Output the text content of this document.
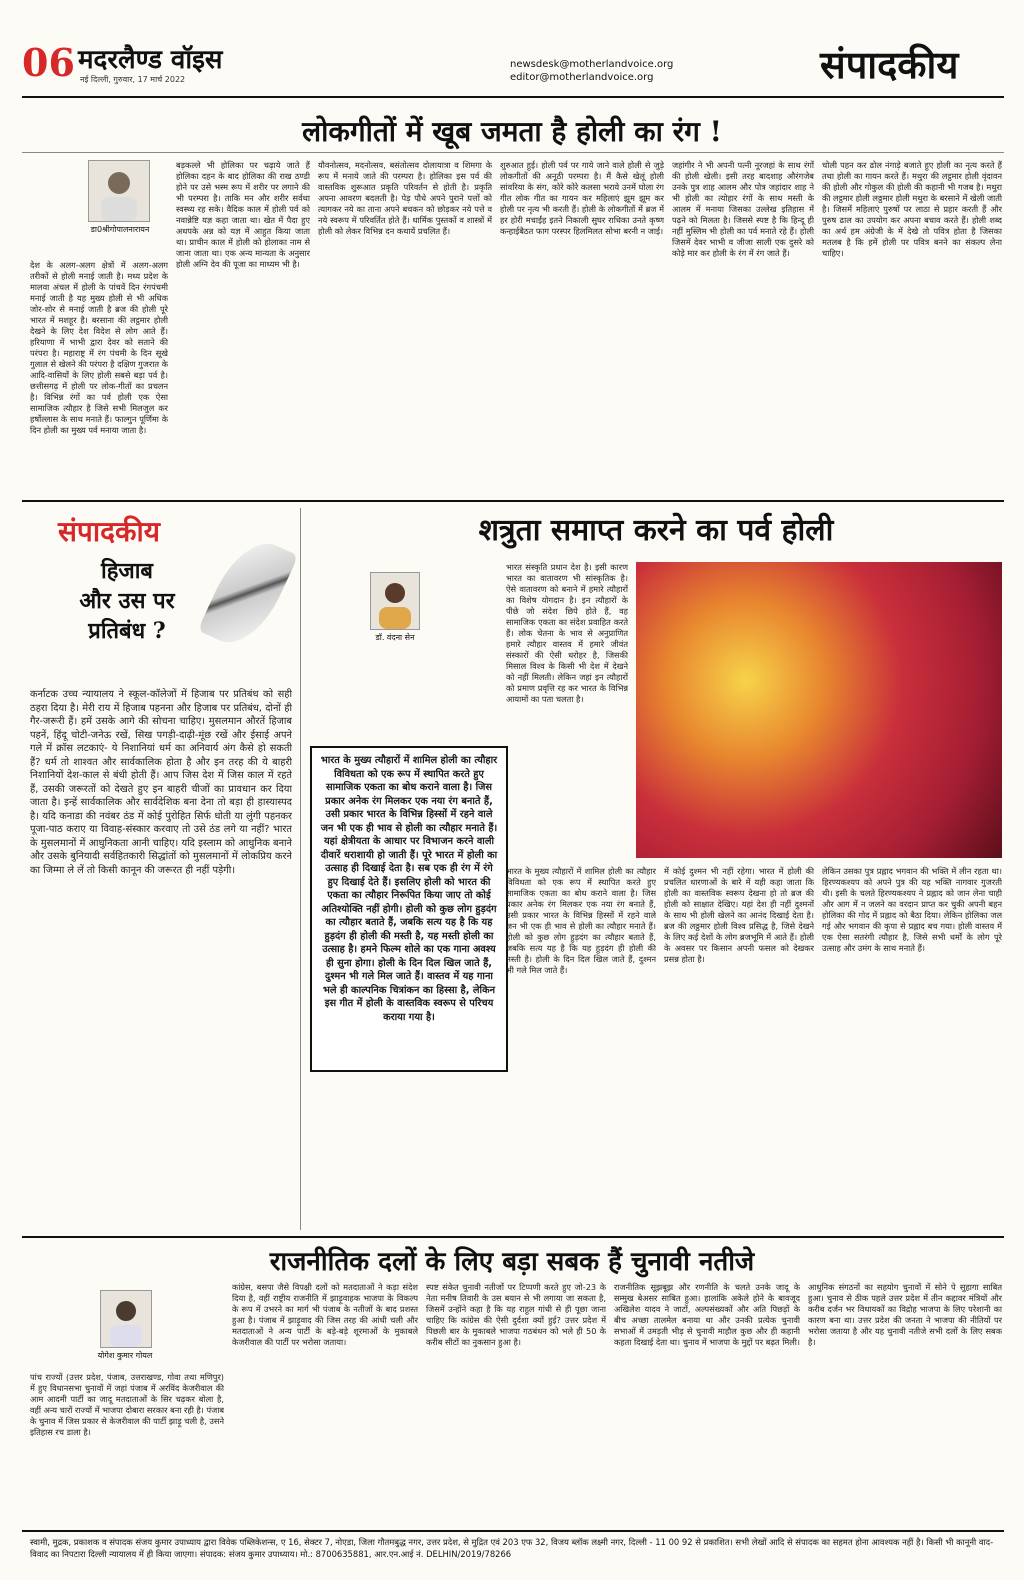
06 मदरलैण्ड वॉइस
नई दिल्ली, गुरुवार, 17 मार्च 2022
newsdesk@motherlandvoice.org
editor@motherlandvoice.org	संपादकीय
लोकगीतों में खूब जमता है होली का रंग !
डा0श्रीगोपालनारायन
देश के अलग-अलग क्षेत्रों में अलग-अलग तरीकों से होली मनाई जाती है। मध्य प्रदेश के मालवा अंचल में होली के पांचवें दिन रंगपंचमी मनाई जाती है यह मुख्य होली से भी अधिक जोर-शोर से मनाई जाती है ब्रज की होली पूरे भारत में मशहूर है। बरसाना की लट्ठमार होली देखने के लिए देश विदेश से लोग आते हैं। हरियाणा में भाभी द्वारा देवर को सताने की परंपरा है। महाराष्ट्र में रंग पंचमी के दिन सूखे गुलाल से खेलने की परंपरा है दक्षिण गुजरात के आदि-वासियों के लिए होली सबसे बड़ा पर्व है। छत्तीसगढ़ में होली पर लोक-गीतों का प्रचलन है। विभिन्न रंगों का पर्व होली एक ऐसा सामाजिक त्यौहार है जिसे सभी मिलजुल कर हर्षोल्लास के साथ मनाते हैं। फाल्गुन पूर्णिमा के दिन होली का मुख्य पर्व मनाया जाता है।
बड़कल्ले भी होलिका पर चढ़ाये जाते हैं होलिका दहन के बाद होलिका की राख ठण्डी होने पर उसे भस्म रूप में शरीर पर लगाने की भी परम्परा है। ताकि मन और शरीर सर्वथा स्वस्थ्य रह सके। वैदिक काल में होली पर्व को नवान्नेष्टि यज्ञ कहा जाता था। खेत में पैदा हुए अधपके अन्न को यज्ञ में आहुत किया जाता था। प्राचीन काल में होली को होलाका नाम से जाना जाता था। एक अन्य मान्यता के अनुसार होली अग्नि देव की पूजा का माध्यम भी है।
यौवनोत्सव, मदनोत्सव, बसंतोत्सव दोलायात्रा व शिमगा के रूप में मनाये जाते की परम्परा है। होलिका इस पर्व की वास्तविक शुरूआत प्रकृति परिवर्तन से होती है। प्रकृति अपना आवरण बदलती है। पेड़ पौधे अपने पुराने पत्तों को त्यागकर नये का ताना अपने बचकन को छोड़कर नये पत्ते व नये स्वरूप में परिवर्तित होते हैं। धार्मिक पुस्तकों व शास्त्रों में होली को लेकर विभिन्न दन कथायें प्रचलित हैं।
शुरुआत हुई। होली पर्व पर गाये जाने वाले होली से जुड़े लोकगीतों की अनूठी परम्परा है। मैं कैसे खेलूं होली सांवरिया के संग, कोरे कोरे कलसा भराये उनमें घोला रंग गीत लोक गीत का गायन कर महिलाएं झूम झूम कर होली पर नृत्य भी करती हैं। होली के लोकगीतों में ब्रज में हर होरी मचाईंह इतने निकाली सुघर राधिका उनते कृष्ण कन्हाईबैठत फाग परस्पर हिलमिलत सोभा बरनी न जाई।
जहांगीर ने भी अपनी पत्नी नूरजहां के साथ रंगों की होली खेली। इसी तरह बादशाह औरंगजेब उनके पुत्र शाह आलम और पोत्र जहांदार शाह ने भी होली का त्योहार रंगों के साथ मस्ती के आलम में मनाया जिसका उल्लेख इतिहास में पढ़ने को मिलता है। जिससे स्पष्ट है कि हिन्दू ही नहीं मुस्लिम भी होली का पर्व मनाते रहे हैं। होली जिसमें देवर भाभी व जीजा साली एक दुसरे को कोड़े मार कर होली के रंग में रंग जाते हैं।
चोली पहन कर ढोल नंगाड़े बजाते हुए होली का नृत्य करते हैं तथा होली का गायन करते हैं। मथुरा की लट्ठमार होली वृंदावन की होली और गोकुल की होली की कहानी भी गजब है। मथुरा की लट्ठमार होली लठ्ठमार होली मथुरा के बरसाने में खेली जाती है। जिसमें महिलाएं पुरुषों पर लाठा से प्रहार करती हैं और पुरुष ढाल का उपयोग कर अपना बचाव करते हैं। होली शब्द का अर्थ हम अंग्रेजी के में देखे तो पवित्र होता है जिसका मतलब है कि हमें होली पर पवित्र बनने का संकल्प लेना चाहिए।
संपादकीय
हिजाब
और उस पर
प्रतिबंध ?
कर्नाटक उच्च न्यायालय ने स्कूल-कॉलेजों में हिजाब पर प्रतिबंध को सही ठहरा दिया है। मेरी राय में हिजाब पहनना और हिजाब पर प्रतिबंध, दोनों ही गैर-जरूरी हैं। हमें उसके आगे की सोचना चाहिए। मुसलमान औरतें हिजाब पहनें, हिंदू चोटी-जनेऊ रखें, सिख पगड़ी-दाढ़ी-मूंछ रखें और ईसाई अपने गले में क्रॉस लटकाएं- ये निशानियां धर्म का अनिवार्य अंग कैसे हो सकती हैं? धर्म तो शाश्वत और सार्वकालिक होता है और इन तरह की ये बाहरी निशानियों देश-काल से बंधी होती हैं। आप जिस देश में जिस काल में रहते हैं, उसकी जरूरतों को देखते हुए इन बाहरी चीजों का प्रावधान कर दिया जाता है। इन्हें सार्वकालिक और सार्वदेशिक बना देना तो बड़ा ही हास्यास्पद है। यदि कनाडा की नवंबर ठंड में कोई पुरोहित सिर्फ धोती या लुंगी पहनकर पूजा-पाठ कराए या विवाह-संस्कार करवाए तो उसे ठंड लगे या नहीं? भारत के मुसलमानों में आधुनिकता आनी चाहिए। यदि इस्लाम को आधुनिक बनाने और उसके बुनियादी सर्वहितकारी सिद्धांतों को मुसलमानों में लोकप्रिय करने का जिम्मा ले लें तो किसी कानून की जरूरत ही नहीं पड़ेगी।
शत्रुता समाप्त करने का पर्व होली
डॉ. वंदना सेन
भारत के मुख्य त्यौहारों में शामिल होली का त्यौहार विविधता को एक रूप में स्थापित करते हुए सामाजिक एकता का बोध कराने वाला है। जिस प्रकार अनेक रंग मिलकर एक नया रंग बनाते हैं, उसी प्रकार भारत के विभिन्न हिस्सों में रहने वाले जन भी एक ही भाव से होली का त्यौहार मनाते हैं। यहां क्षेत्रीयता के आधार पर विभाजन करने वाली दीवारें धराशायी हो जाती हैं। पूरे भारत में होली का उत्साह ही दिखाई देता है। सब एक ही रंग में रंगे हुए दिखाई देते हैं। इसलिए होली को भारत की एकता का त्यौहार निरूपित किया जाए तो कोई अतिश्योक्ति नहीं होगी। होली को कुछ लोग हुड़दंग का त्यौहार बताते हैं, जबकि सत्य यह है कि यह हुड़दंग ही होली की मस्ती है, यह मस्ती होली का उत्साह है। हमने फिल्म शोले का एक गाना अवश्य ही सुना होगा। होली के दिन दिल खिल जाते हैं, दुश्मन भी गले मिल जाते हैं। वास्तव में यह गाना भले ही काल्पनिक चित्रांकन का हिस्सा है, लेकिन इस गीत में होली के वास्तविक स्वरूप से परिचय कराया गया है।
भारत संस्कृति प्रधान देश है। इसी कारण भारत का वातावरण भी सांस्कृतिक है। ऐसे वातावरण को बनाने में हमारे त्यौहारों का विशेष योगदान है। इन त्यौहारों के पीछे जो संदेश छिपे होते हैं, वह सामाजिक एकता का संदेश प्रवाहित करते हैं। लोक चेतना के भाव से अनुप्राणित हमारे त्यौहार वास्तव में हमारे जीवंत संस्कारों की ऐसी धरोहर है, जिसकी मिसाल विश्व के किसी भी देश में देखने को नहीं मिलती। लेकिन जहां इन त्यौहारों को प्रमाण प्रवृत्ति रह कर भारत के विभिन्न आयामों का पता चलता है।
भारत के मुख्य त्यौहारों में शामिल होली का त्यौहार विविधता को एक रूप में स्थापित करते हुए सामाजिक एकता का बोध कराने वाला है। जिस प्रकार अनेक रंग मिलकर एक नया रंग बनाते हैं, उसी प्रकार भारत के विभिन्न हिस्सों में रहने वाले जन भी एक ही भाव से होली का त्यौहार मनाते हैं। होली को कुछ लोग हुड़दंग का त्यौहार बताते हैं, जबकि सत्य यह है कि यह हुड़दंग ही होली की मस्ती है। होली के दिन दिल खिल जाते हैं, दुश्मन भी गले मिल जाते हैं।
में कोई दुश्मन भी नहीं रहेगा। भारत में होली की प्रचलित धारणाओं के बारे में यही कहा जाता कि होली का वास्तविक स्वरूप देखना हो तो ब्रज की होली को साक्षात देखिए। यहां देश ही नहीं दुश्मनों के साथ भी होली खेलने का आनंद दिखाई देता है। ब्रज की लठ्ठमार होली विश्व प्रसिद्ध है, जिसे देखने के लिए कई देशों के लोग ब्रजभूमि में आते हैं। होली के अवसर पर किसान अपनी फसल को देखकर प्रसन्न होता है।
लेकिन उसका पुत्र प्रह्लाद भगवान की भक्ति में लीन रहता था। हिरण्यकश्यप को अपने पुत्र की यह भक्ति नागवार गुजरती थी। इसी के चलते हिरण्यकश्यप ने प्रह्लाद को जान लेना चाही और आग में न जलने का वरदान प्राप्त कर चुकी अपनी बहन होलिका की गोद में प्रह्लाद को बैठा दिया। लेकिन होलिका जल गई और भगवान की कृपा से प्रह्लाद बच गया। होली वास्तव में एक ऐसा सतरंगी त्यौहार है, जिसे सभी धर्मों के लोग पूरे उत्साह और उमंग के साथ मनाते हैं।
राजनीतिक दलों के लिए बड़ा सबक हैं चुनावी नतीजे
योगेश कुमार गोयल
पांच राज्यों (उत्तर प्रदेश, पंजाब, उत्तराखण्ड, गोवा तथा मणिपुर) में हुए विधानसभा चुनावों में जहां पंजाब में अरविंद केजरीवाल की आम आदमी पार्टी का जादू मतदाताओं के सिर चढ़कर बोला है, वहीं अन्य चारों राज्यों में भाजपा दोबारा सरकार बना रही है। पंजाब के चुनाव में जिस प्रकार से केजरीवाल की पार्टी झाड़ू चली है, उसने इतिहास रच डाला है।
कांग्रेस, बसपा जैसे विपक्षी दलों को मतदाताओं ने कड़ा संदेश दिया है, वहीं राष्ट्रीय राजनीति में झाड़ूवाहक भाजपा के विकल्प के रूप में उभरने का मार्ग भी पंजाब के नतीजों के बाद प्रशस्त हुआ है। पंजाब में झाड़ूवाद की जिस तरह की आंधी चली और मतदाताओं ने अन्य पार्टी के बड़े-बड़े शूरमाओं के मुकाबले केजरीवाल की पार्टी पर भरोसा जताया।
स्पष्ट संकेत चुनावी नतीजों पर टिप्पणी करते हुए जो-23 के नेता मनीष तिवारी के उस बयान से भी लगाया जा सकता है, जिसमें उन्होंने कहा है कि यह राहुल गांधी से ही पूछा जाना चाहिए कि कांग्रेस की ऐसी दुर्दशा क्यों हुई? उत्तर प्रदेश में पिछली बार के मुकाबले भाजपा गठबंधन को भले ही 50 के करीब सीटों का नुकसान हुआ है।
राजनीतिक सूझबूझ और रणनीति के चलते उनके जादू के सम्मुख बेअसर साबित हुआ। हालांकि अकेले होने के बावजूद अखिलेश यादव ने जाटों, अल्पसंख्यकों और अति पिछड़ों के बीच अच्छा तालमेल बनाया था और उनकी प्रत्येक चुनावी सभाओं में उमड़ती भीड़ से चुनावी माहौल कुछ और ही कहानी कहता दिखाई देता था। चुनाव में भाजपा के मुद्दों पर बढ़त मिली।
आधुनिक संगठनों का सहयोग चुनावों में सोने पे सुहागा साबित हुआ। चुनाव से ठीक पहले उत्तर प्रदेश में तीन कद्दावर मंत्रियों और करीब दर्जन भर विधायकों का विद्रोह भाजपा के लिए परेशानी का कारण बना था। उत्तर प्रदेश की जनता ने भाजपा की नीतियों पर भरोसा जताया है और यह चुनावी नतीजे सभी दलों के लिए सबक है।
स्वामी, मुद्रक, प्रकाशक व संपादक संजय कुमार उपाध्याय द्वारा विवेक पब्लिकेशन्स, ए 16, सेक्टर 7, नोएडा, जिला गौतमबुद्ध नगर, उत्तर प्रदेश, से मुद्रित एवं 203 एफ 32, विजय ब्लॉक लक्ष्मी नगर, दिल्ली - 11 00 92 से प्रकाशित। सभी लेखों आदि से संपादक का सहमत होना आवश्यक नहीं है। किसी भी कानूनी वाद-विवाद का निपटारा दिल्ली न्यायालय में ही किया जाएगा। संपादक: संजय कुमार उपाध्याय। मो.: 8700635881, आर.एन.आई नं. DELHIN/2019/78266
